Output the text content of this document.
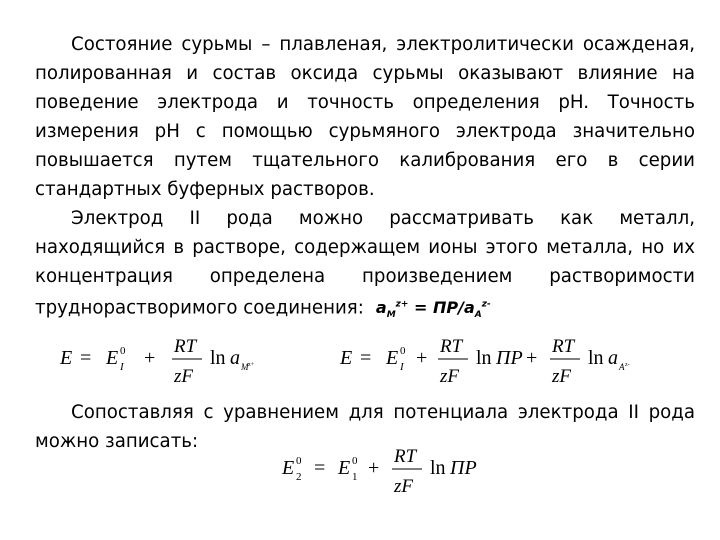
Состояние сурьмы – плавленая, электролитически осажденая, полированная и состав оксида сурьмы оказывают влияние на поведение электрода и точность определения pH. Точность измерения pH с помощью сурьмяного электрода значительно повышается путем тщательного калибрования его в серии стандартных буферных растворов.

Электрод II рода можно рассматривать как металл, находящийся в растворе, содержащем ионы этого металла, но их концентрация определена произведением растворимости труднорастворимого соединения: $a_M^{z+} = ПР/a_A^{z-}$

E = E 0
I +
RT
zF
ln a M z+	E = E 0
I +
RT
zF
ln ПР +
RT
zF
ln a A z-

Сопоставляя с уравнением для потенциала электрода II рода можно записать:

E 0
2 = E 0
1 +
RT
zF
ln ПР
